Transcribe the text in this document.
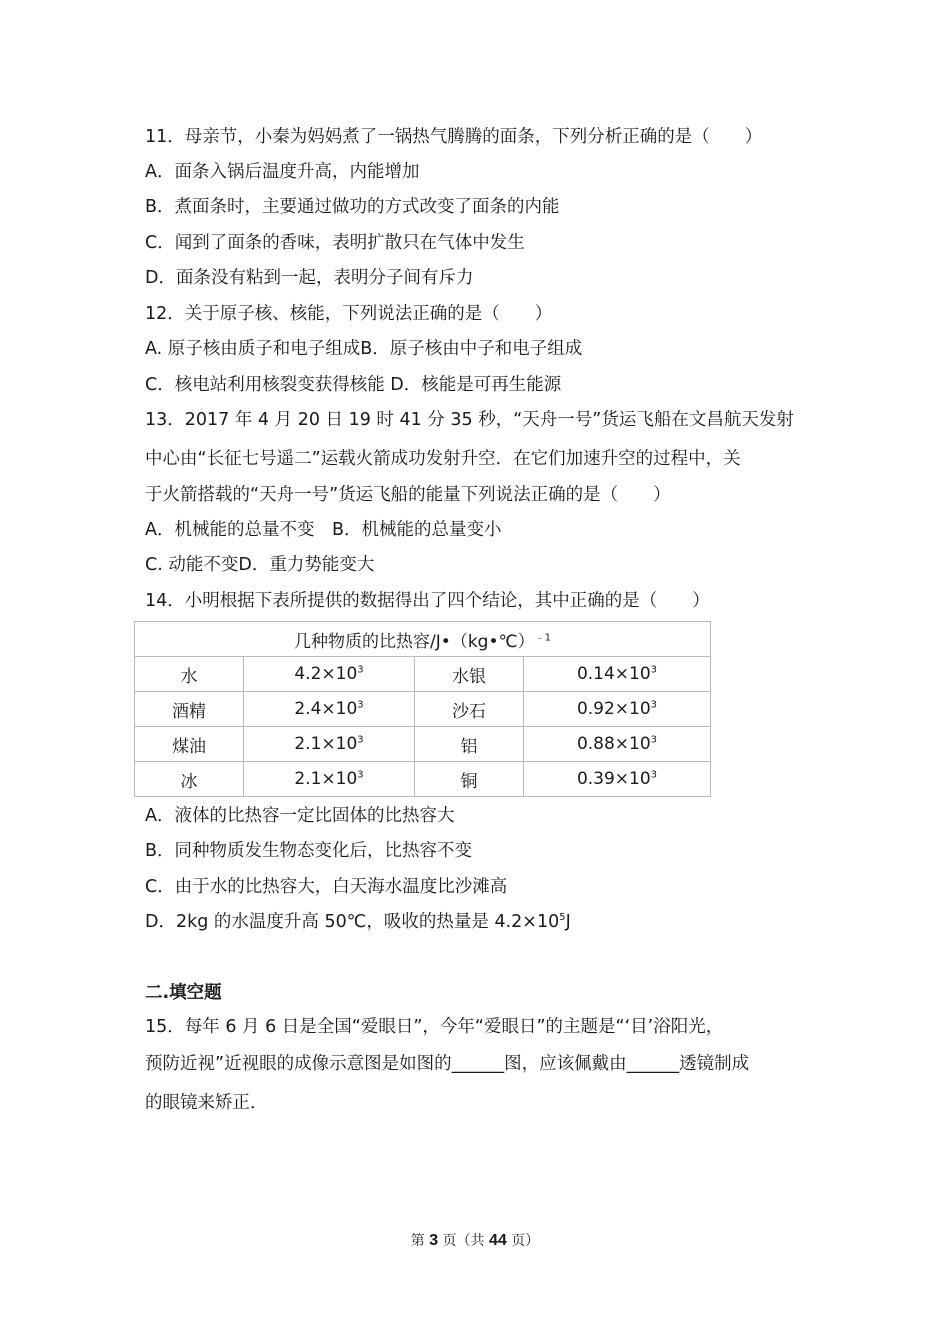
11．母亲节，小秦为妈妈煮了一锅热气腾腾的面条，下列分析正确的是（　　）
A．面条入锅后温度升高，内能增加
B．煮面条时，主要通过做功的方式改变了面条的内能
C．闻到了面条的香味，表明扩散只在气体中发生
D．面条没有粘到一起，表明分子间有斥力
12．关于原子核、核能，下列说法正确的是（　　）
A. 原子核由质子和电子组成B．原子核由中子和电子组成
C．核电站利用核裂变获得核能 D．核能是可再生能源
13．2017 年 4 月 20 日 19 时 41 分 35 秒，“天舟一号”货运飞船在文昌航天发射
中心由“长征七号遥二”运载火箭成功发射升空．在它们加速升空的过程中，关
于火箭搭载的“天舟一号”货运飞船的能量下列说法正确的是（　　）
A．机械能的总量不变　B．机械能的总量变小
C. 动能不变D．重力势能变大
14．小明根据下表所提供的数据得出了四个结论，其中正确的是（　　）
几种物质的比热容/J•（kg•℃）$^{﹣1}$
水	$4.2\times 10^3$	水银	$0.14\times 10^3$
酒精	$2.4\times 10^3$	沙石	$0.92\times 10^3$
煤油	$2.1\times 10^3$	铝	$0.88\times 10^3$
冰	$2.1\times 10^3$	铜	$0.39\times 10^3$
A．液体的比热容一定比固体的比热容大
B．同种物质发生物态变化后，比热容不变
C．由于水的比热容大，白天海水温度比沙滩高
D．2kg 的水温度升高 50℃，吸收的热量是 $4.2\times 10^5J$
二.填空题
15．每年 6 月 6 日是全国“爱眼日”，今年“爱眼日”的主题是“‘目’浴阳光，
预防近视”近视眼的成像示意图是如图的______图，应该佩戴由______透镜制成
的眼镜来矫正．
第 3 页（共 44 页）
